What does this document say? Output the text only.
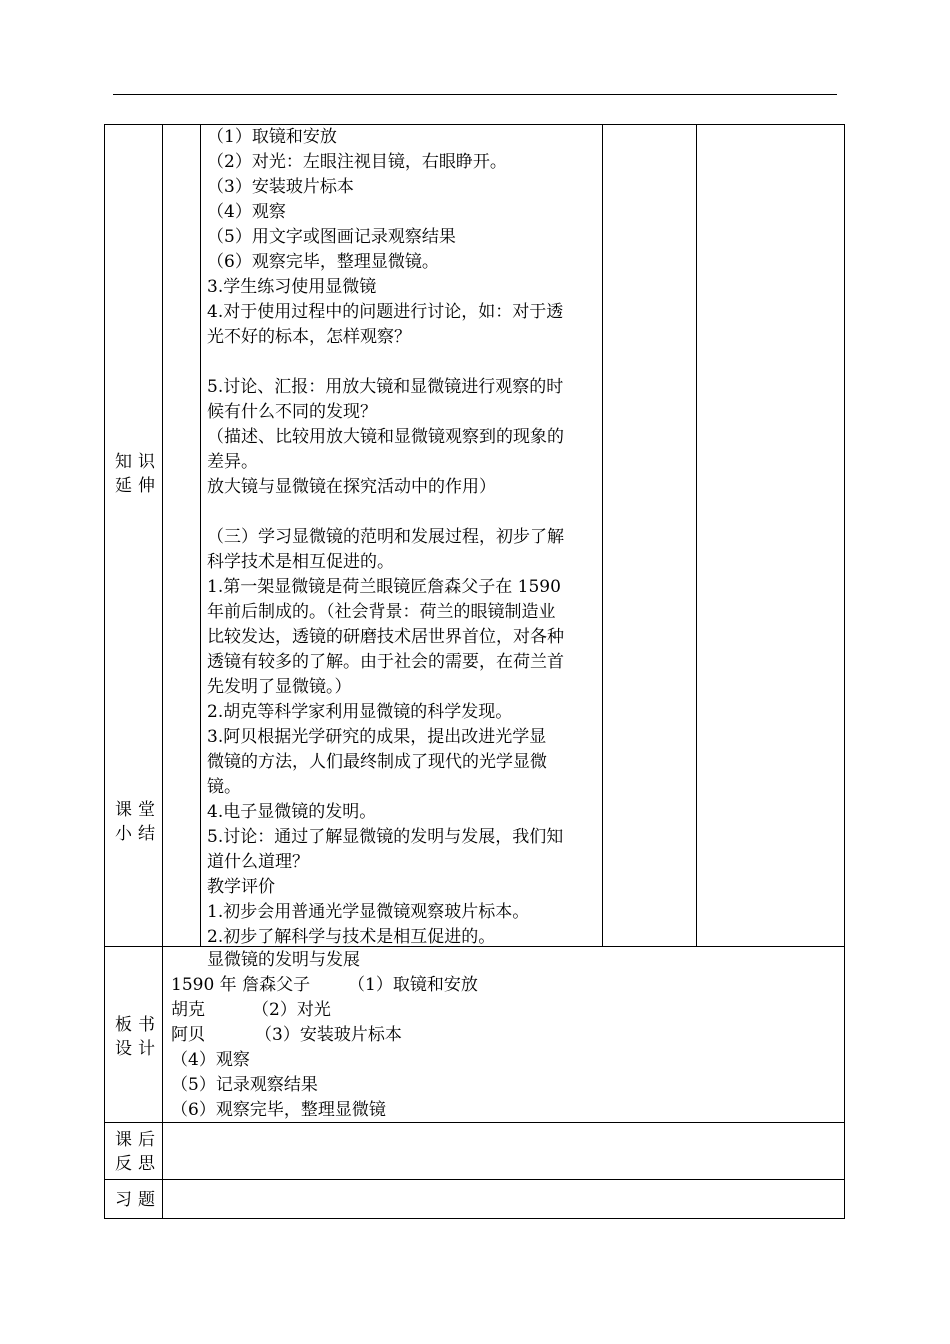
知识
延伸
课堂
小结
板书
设计
课后
反思
习题
（1）取镜和安放
（2）对光：左眼注视目镜，右眼睁开。
（3）安装玻片标本
（4）观察
（5）用文字或图画记录观察结果
（6）观察完毕，整理显微镜。
3.学生练习使用显微镜
4.对于使用过程中的问题进行讨论，如：对于透
光不好的标本，怎样观察？
5.讨论、汇报：用放大镜和显微镜进行观察的时
候有什么不同的发现？
（描述、比较用放大镜和显微镜观察到的现象的
差异。
放大镜与显微镜在探究活动中的作用）
（三）学习显微镜的范明和发展过程，初步了解
科学技术是相互促进的。
1.第一架显微镜是荷兰眼镜匠詹森父子在 1590
年前后制成的。（社会背景：荷兰的眼镜制造业
比较发达，透镜的研磨技术居世界首位，对各种
透镜有较多的了解。由于社会的需要，在荷兰首
先发明了显微镜。）
2.胡克等科学家利用显微镜的科学发现。
3.阿贝根据光学研究的成果，提出改进光学显
微镜的方法，人们最终制成了现代的光学显微
镜。
4.电子显微镜的发明。
5.讨论：通过了解显微镜的发明与发展，我们知
道什么道理？
教学评价
1.初步会用普通光学显微镜观察玻片标本。
2.初步了解科学与技术是相互促进的。
显微镜的发明与发展
1590 年 詹森父子 （1）取镜和安放
胡克	（2）对光
阿贝	（3）安装玻片标本
（4）观察
（5）记录观察结果
（6）观察完毕，整理显微镜
